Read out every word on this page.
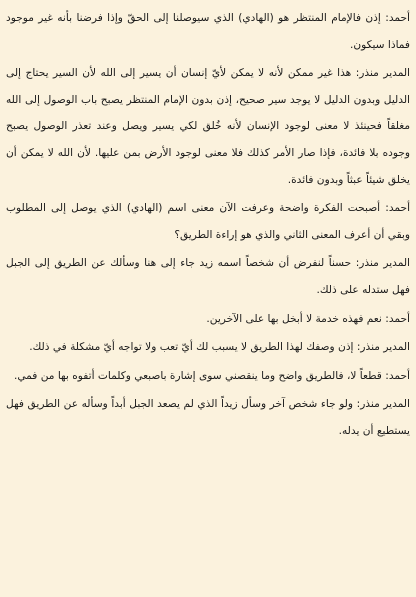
أحمد: إذن فالإمام المنتظر هو (الهادي) الذي سيوصلنا إلى الحقّ وإذا فرضنا بأنه غير موجود فماذا سيكون.

المدير منذر: هذا غير ممكن لأنه لا يمكن لأيّ إنسان أن يسير إلى الله لأن السير يحتاج إلى الدليل وبدون الدليل لا يوجد سير صحيح، إذن بدون الإمام المنتظر يصبح باب الوصول إلى الله مغلقاً فحينئذ لا معنى لوجود الإنسان لأنه خُلق لكي يسير ويصل وعند تعذر الوصول يصبح وجوده بلا فائدة، فإذا صار الأمر كذلك فلا معنى لوجود الأرض بمن عليها. لأن الله لا يمكن أن يخلق شيئاً عبثاً وبدون فائدة.

أحمد: أصبحت الفكرة واضحة وعرفت الآن معنى اسم (الهادي) الذي يوصل إلى المطلوب وبقي أن أعرف المعنى الثاني والذي هو إراءة الطريق؟

المدير منذر: حسناً لنفرض أن شخصاً اسمه زيد جاء إلى هنا وسألك عن الطريق إلى الجبل فهل ستدله على ذلك.

أحمد: نعم فهذه خدمة لا أبخل بها على الآخرين.

المدير منذر: إذن وصفك لهذا الطريق لا يسبب لك أيّ تعب ولا تواجه أيّ مشكلة في ذلك.

أحمد: قطعاً لا، فالطريق واضح وما ينقصني سوى إشارة باصبعي وكلمات أتفوه بها من فمي.

المدير منذر: ولو جاء شخص آخر وسأل زيداً الذي لم يصعد الجبل أبداً وسأله عن الطريق فهل يستطيع أن يدله.
